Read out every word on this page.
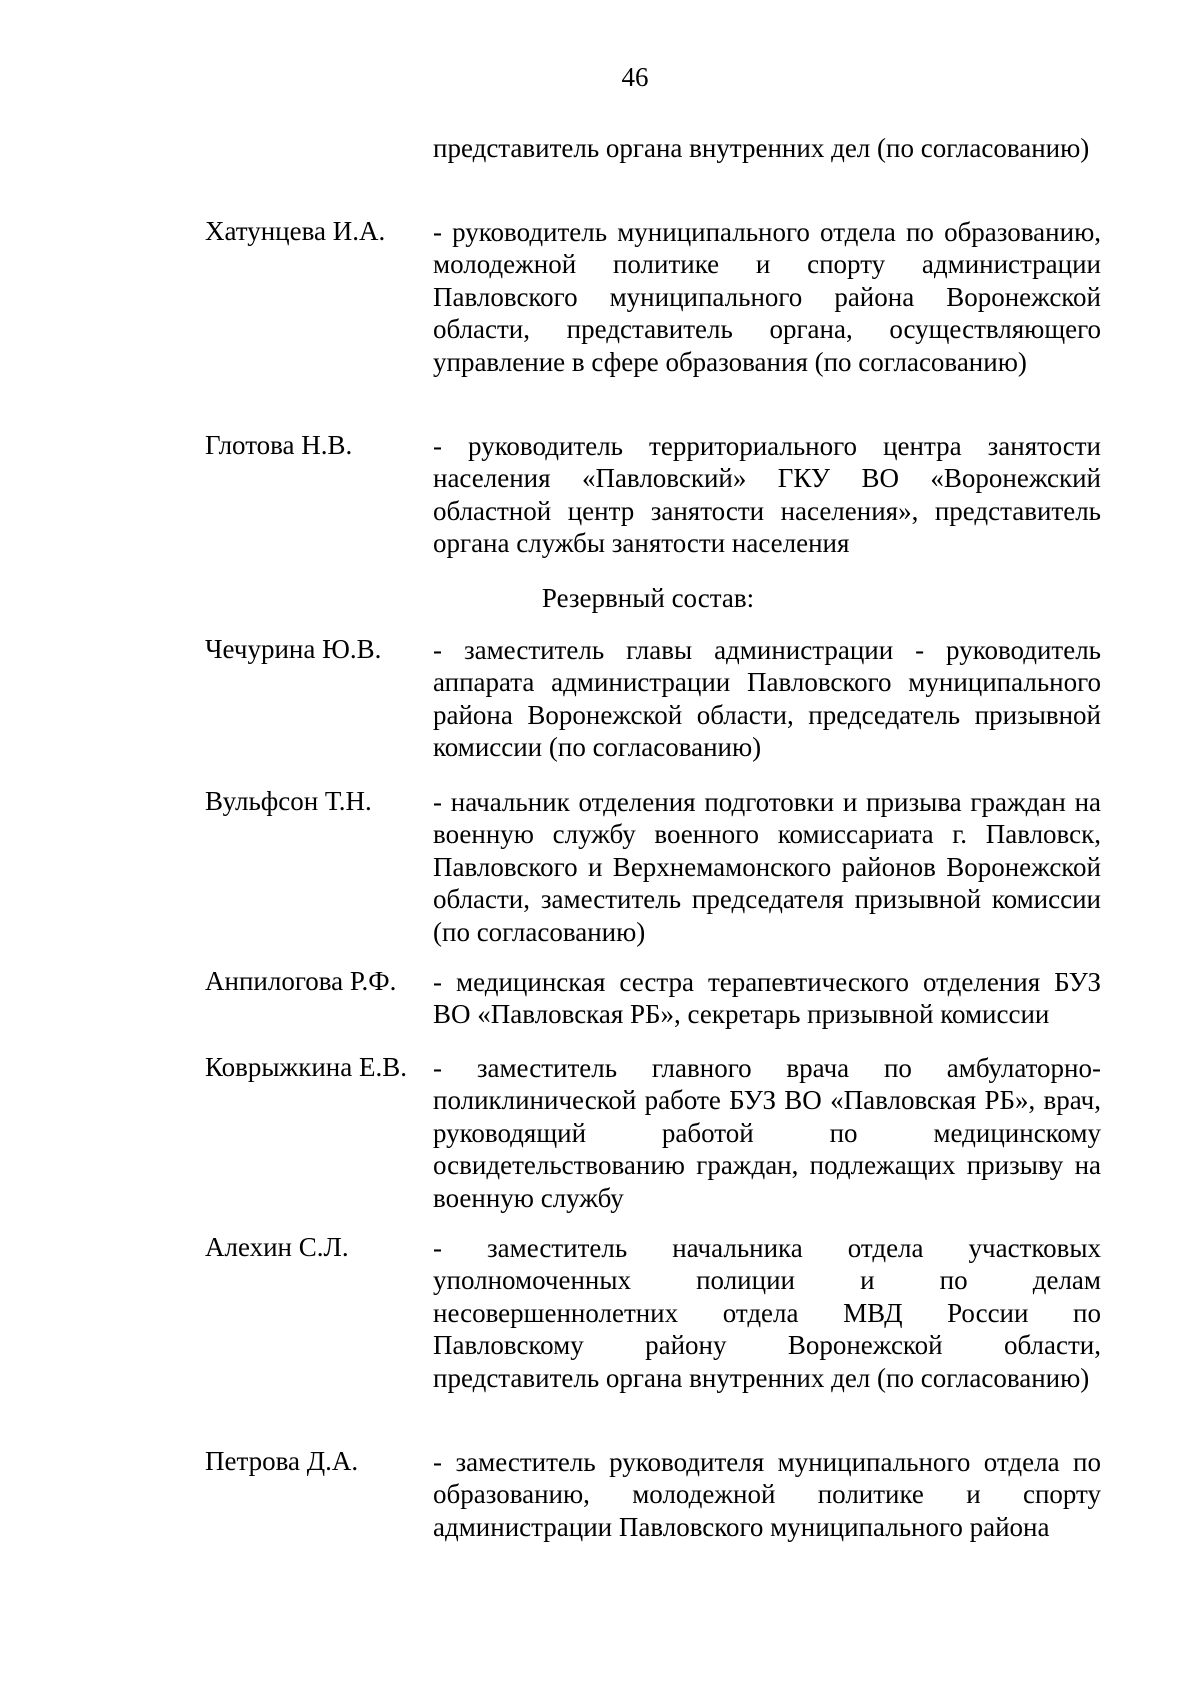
46
представитель органа внутренних дел (по согласованию)
Хатунцева И.А. - руководитель муниципального отдела по образованию, молодежной политике и спорту администрации Павловского муниципального района Воронежской области, представитель органа, осуществляющего управление в сфере образования (по согласованию)
Глотова Н.В.	- руководитель территориального центра занятости населения «Павловский» ГКУ ВО «Воронежский областной центр занятости населения», представитель органа службы занятости населения
Резервный состав:
Чечурина Ю.В. - заместитель главы администрации - руководитель аппарата администрации Павловского муниципального района Воронежской области, председатель призывной комиссии (по согласованию)
Вульфсон Т.Н. - начальник отделения подготовки и призыва граждан на военную службу военного комиссариата г. Павловск, Павловского и Верхнемамонского районов Воронежской области, заместитель председателя призывной комиссии (по согласованию)
Анпилогова Р.Ф. - медицинская сестра терапевтического отделения БУЗ ВО «Павловская РБ», секретарь призывной комиссии
Коврыжкина Е.В. - заместитель главного врача по амбулаторно-поликлинической работе БУЗ ВО «Павловская РБ», врач, руководящий работой по медицинскому освидетельствованию граждан, подлежащих призыву на военную службу
Алехин С.Л.	- заместитель начальника отдела участковых уполномоченных полиции и по делам несовершеннолетних отдела МВД России по Павловскому району Воронежской области, представитель органа внутренних дел (по согласованию)
Петрова Д.А.	- заместитель руководителя муниципального отдела по образованию, молодежной политике и спорту администрации Павловского муниципального района
